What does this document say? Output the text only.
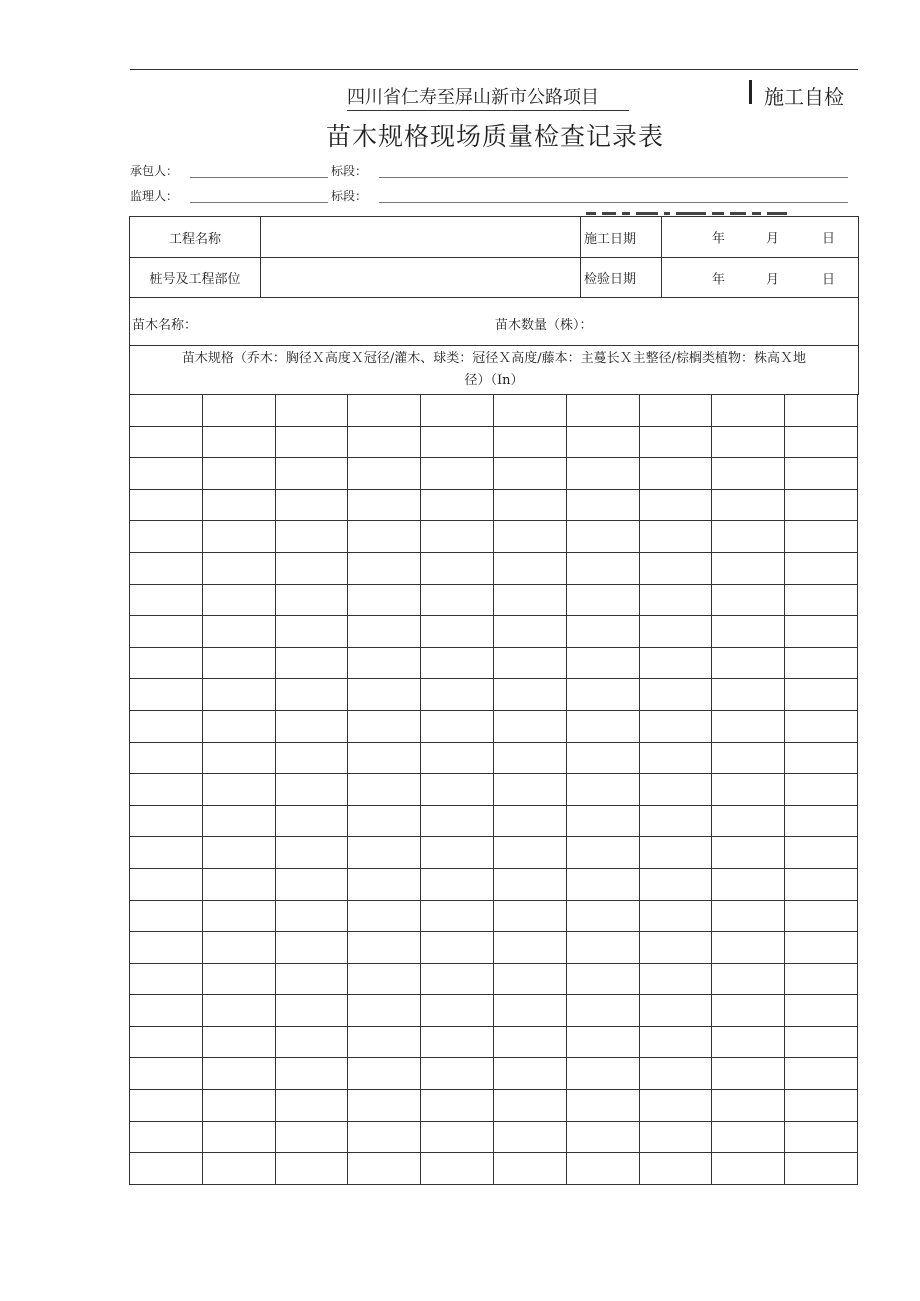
四川省仁寿至屏山新市公路项目	施工自检
苗木规格现场质量检查记录表
承包人：	标段：
监理人：	标段：
工程名称		施工日期	年 月 日

桩号及工程部位		检验日期	年 月 日

苗木名称： 苗木数量（株）：			

苗木规格（乔木：胸径Ｘ高度Ｘ冠径/灌木、球类：冠径Ｘ高度/藤本：主蔓长Ｘ主整径/棕榈类植物：株高Ｘ地
径）（In）			
